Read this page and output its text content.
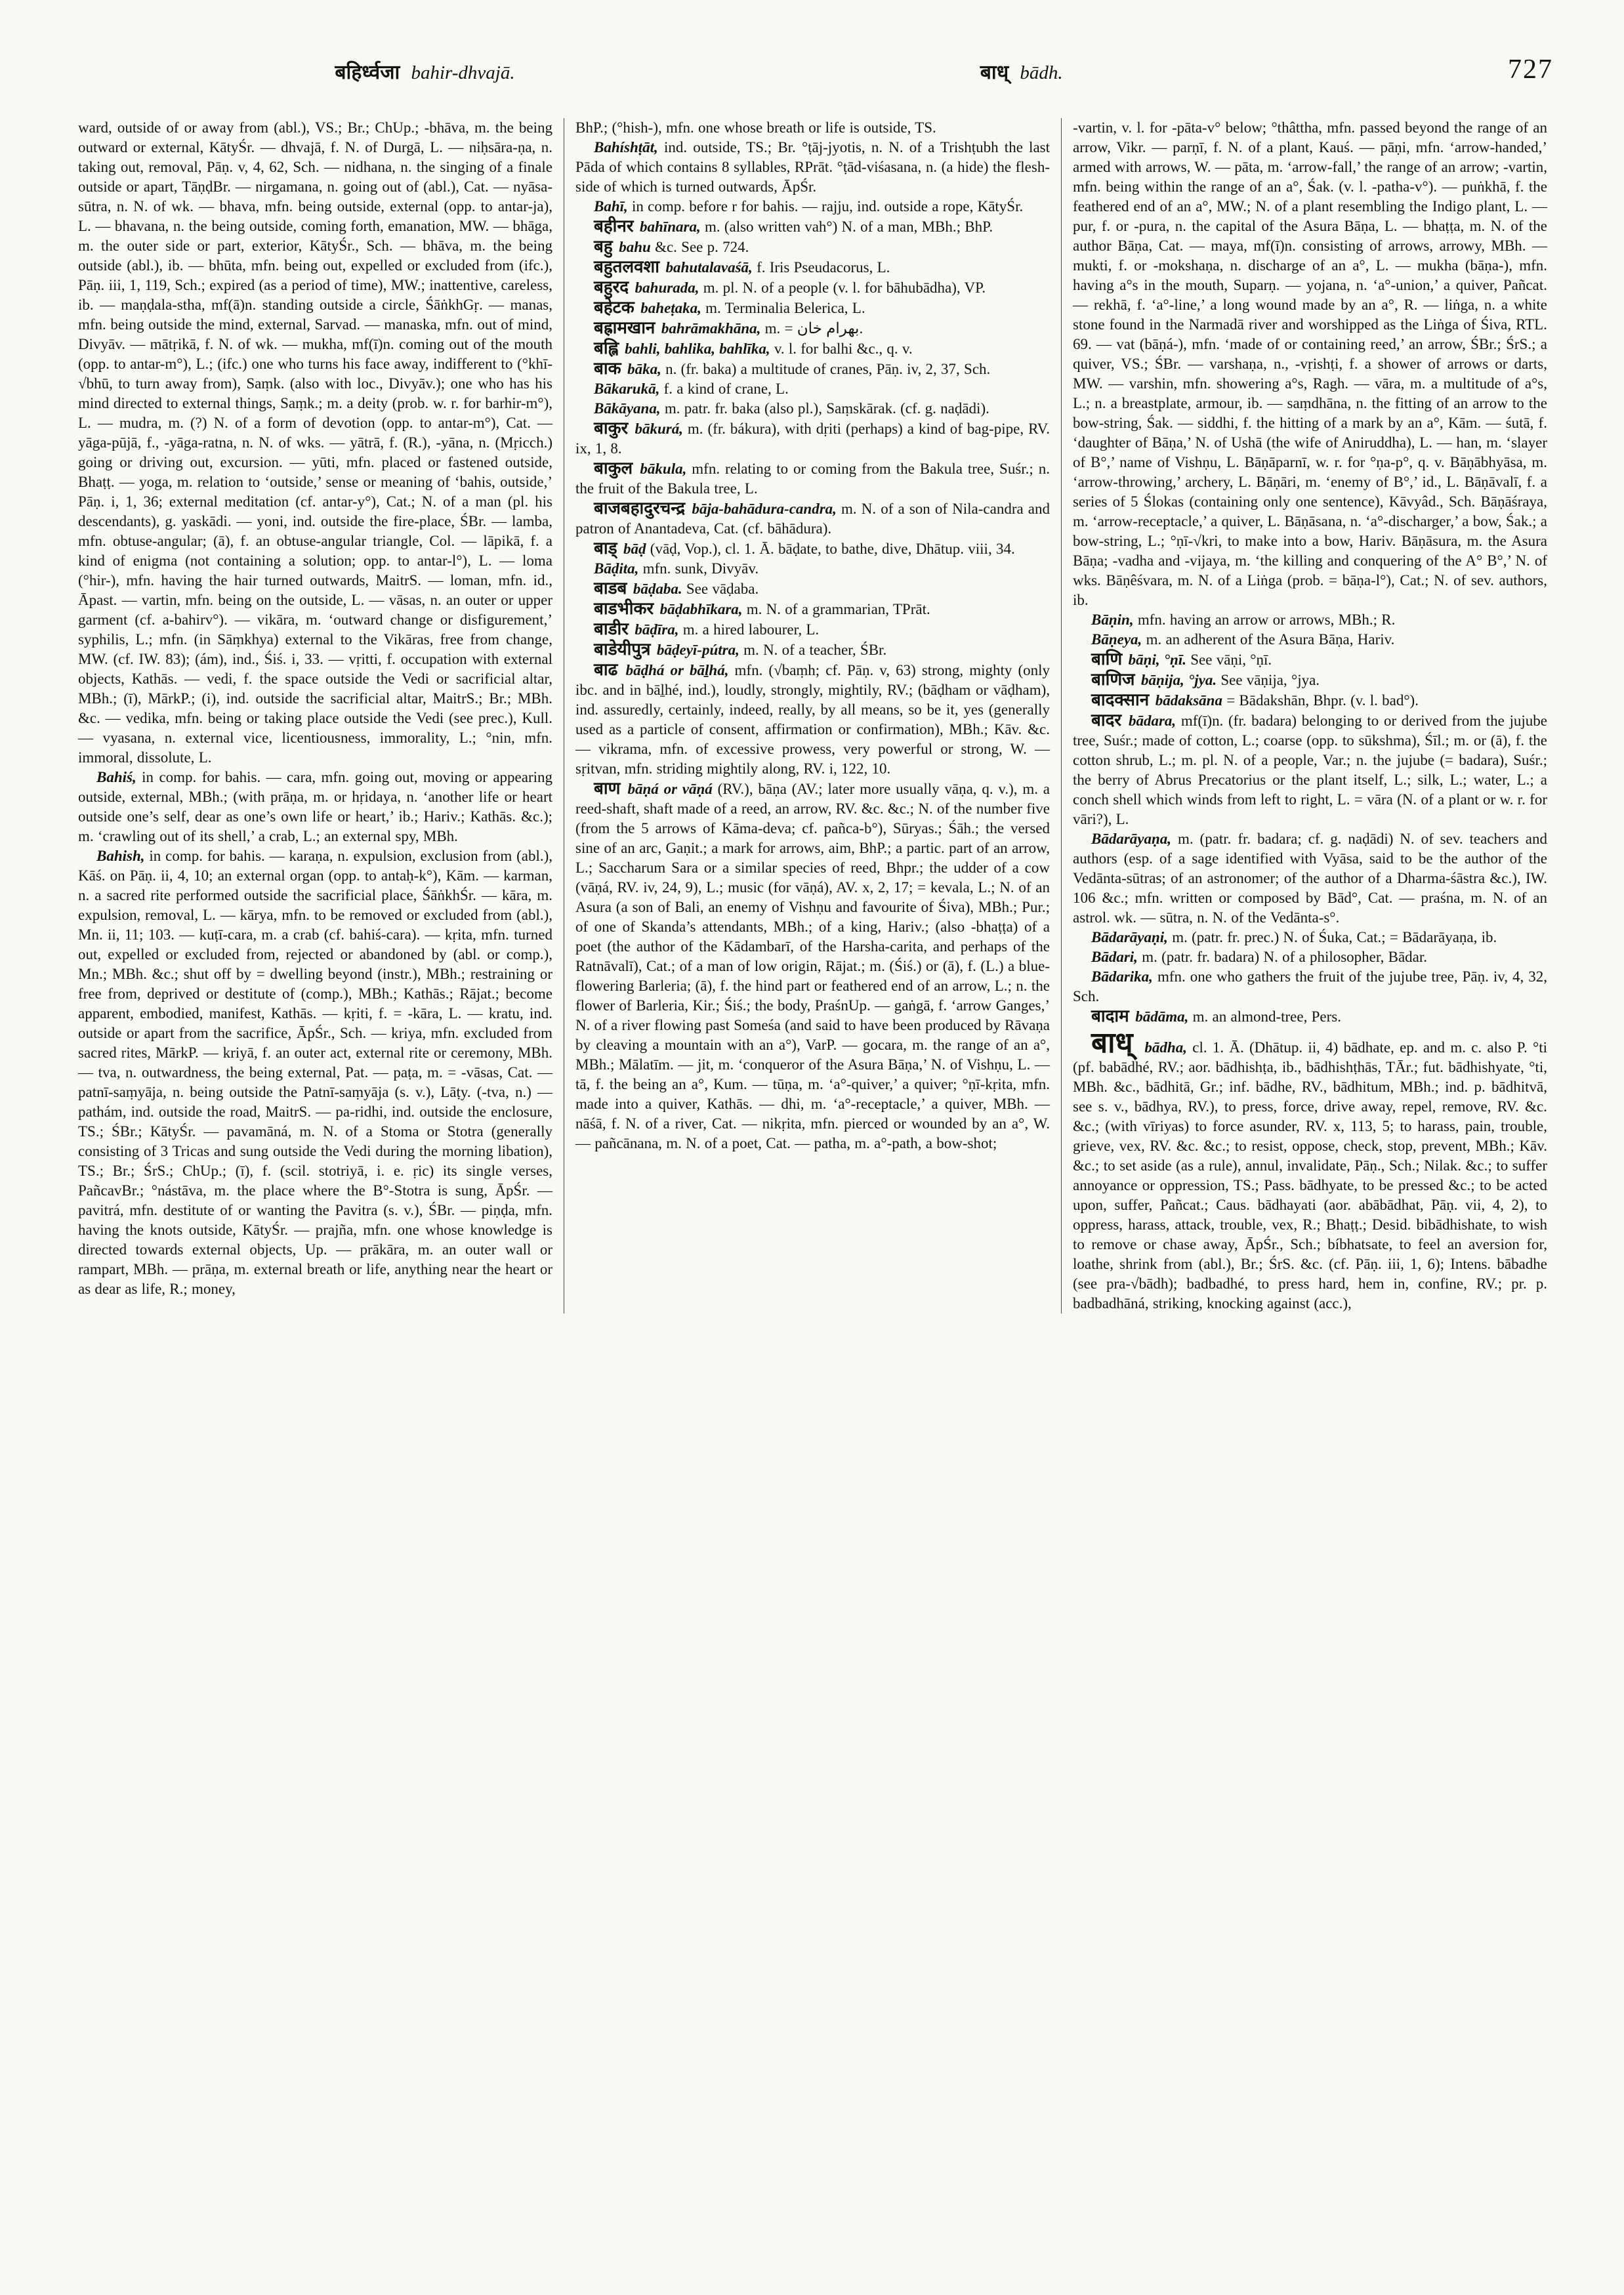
बहिर्ध्वजा bahir-dhvajā.	बाध् bādh.	727

ward, outside of or away from (abl.), VS.; Br.; ChUp.; -bhāva, m. the being outward or external, KātyŚr. — dhvajā, f. N. of Durgā, L. — niḥsāra-ṇa, n. taking out, removal, Pāṇ. v, 4, 62, Sch. — nidhana, n. the singing of a finale outside or apart, TāṇḍBr. — nirgamana, n. going out of (abl.), Cat. — nyāsa-sūtra, n. N. of wk. — bhava, mfn. being outside, external (opp. to antar-ja), L. — bhavana, n. the being outside, coming forth, emanation, MW. — bhāga, m. the outer side or part, exterior, KātyŚr., Sch. — bhāva, m. the being outside (abl.), ib. — bhūta, mfn. being out, expelled or excluded from (ifc.), Pāṇ. iii, 1, 119, Sch.; expired (as a period of time), MW.; inattentive, careless, ib. — maṇḍala-stha, mf(ā)n. standing outside a circle, ŚāṅkhGṛ. — manas, mfn. being outside the mind, external, Sarvad. — manaska, mfn. out of mind, Divyāv. — mātṛikā, f. N. of wk. — mukha, mf(ī)n. coming out of the mouth (opp. to antar-m°), L.; (ifc.) one who turns his face away, indifferent to (°khī-√bhū, to turn away from), Saṃk. (also with loc., Divyāv.); one who has his mind directed to external things, Saṃk.; m. a deity (prob. w. r. for barhir-m°), L. — mudra, m. (?) N. of a form of devotion (opp. to antar-m°), Cat. — yāga-pūjā, f., -yāga-ratna, n. N. of wks. — yātrā, f. (R.), -yāna, n. (Mṛicch.) going or driving out, excursion. — yūti, mfn. placed or fastened outside, Bhaṭṭ. — yoga, m. relation to ‘outside,’ sense or meaning of ‘bahis, outside,’ Pāṇ. i, 1, 36; external meditation (cf. antar-y°), Cat.; N. of a man (pl. his descendants), g. yaskādi. — yoni, ind. outside the fire-place, ŚBr. — lamba, mfn. obtuse-angular; (ā), f. an obtuse-angular triangle, Col. — lāpikā, f. a kind of enigma (not containing a solution; opp. to antar-l°), L. — loma (°hir-), mfn. having the hair turned outwards, MaitrS. — loman, mfn. id., Āpast. — vartin, mfn. being on the outside, L. — vāsas, n. an outer or upper garment (cf. a-bahirv°). — vikāra, m. ‘outward change or disfigurement,’ syphilis, L.; mfn. (in Sāṃkhya) external to the Vikāras, free from change, MW. (cf. IW. 83); (ám), ind., Śiś. i, 33. — vṛitti, f. occupation with external objects, Kathās. — vedi, f. the space outside the Vedi or sacrificial altar, MBh.; (ī), MārkP.; (i), ind. outside the sacrificial altar, MaitrS.; Br.; MBh. &c. — vedika, mfn. being or taking place outside the Vedi (see prec.), Kull. — vyasana, n. external vice, licentiousness, immorality, L.; °nin, mfn. immoral, dissolute, L.

Bahiś, in comp. for bahis. — cara, mfn. going out, moving or appearing outside, external, MBh.; (with prāṇa, m. or hṛidaya, n. ‘another life or heart outside one’s self, dear as one’s own life or heart,’ ib.; Hariv.; Kathās. &c.); m. ‘crawling out of its shell,’ a crab, L.; an external spy, MBh.

Bahish, in comp. for bahis. — karaṇa, n. expulsion, exclusion from (abl.), Kāś. on Pāṇ. ii, 4, 10; an external organ (opp. to antaḥ-k°), Kām. — karman, n. a sacred rite performed outside the sacrificial place, ŚāṅkhŚr. — kāra, m. expulsion, removal, L. — kārya, mfn. to be removed or excluded from (abl.), Mn. ii, 11; 103. — kuṭī-cara, m. a crab (cf. bahiś-cara). — kṛita, mfn. turned out, expelled or excluded from, rejected or abandoned by (abl. or comp.), Mn.; MBh. &c.; shut off by = dwelling beyond (instr.), MBh.; restraining or free from, deprived or destitute of (comp.), MBh.; Kathās.; Rājat.; become apparent, embodied, manifest, Kathās. — kṛiti, f. = -kāra, L. — kratu, ind. outside or apart from the sacrifice, ĀpŚr., Sch. — kriya, mfn. excluded from sacred rites, MārkP. — kriyā, f. an outer act, external rite or ceremony, MBh. — tva, n. outwardness, the being external, Pat. — paṭa, m. = -vāsas, Cat. — patnī-saṃyāja, n. being outside the Patnī-saṃyāja (s. v.), Lāṭy. (-tva, n.) — pathám, ind. outside the road, MaitrS. — pa-ridhi, ind. outside the enclosure, TS.; ŚBr.; KātyŚr. — pavamāná, m. N. of a Stoma or Stotra (generally consisting of 3 Tricas and sung outside the Vedi during the morning libation), TS.; Br.; ŚrS.; ChUp.; (ī), f. (scil. stotriyā, i. e. ṛic) its single verses, PañcavBr.; °nástāva, m. the place where the B°-Stotra is sung, ĀpŚr. — pavitrá, mfn. destitute of or wanting the Pavitra (s. v.), ŚBr. — piṇḍa, mfn. having the knots outside, KātyŚr. — prajña, mfn. one whose knowledge is directed towards external objects, Up. — prākāra, m. an outer wall or rampart, MBh. — prāṇa, m. external breath or life, anything near the heart or as dear as life, R.; money,

BhP.; (°hish-), mfn. one whose breath or life is outside, TS.

Bahíshṭāt, ind. outside, TS.; Br. °ṭāj-jyotis, n. N. of a Trishṭubh the last Pāda of which contains 8 syllables, RPrāt. °ṭād-viśasana, n. (a hide) the flesh-side of which is turned outwards, ĀpŚr.

Bahī, in comp. before r for bahis. — rajju, ind. outside a rope, KātyŚr.

बहीनर bahīnara, m. (also written vah°) N. of a man, MBh.; BhP.

बहु bahu &c. See p. 724.

बहुतलवशा bahutalavaśā, f. Iris Pseudacorus, L.

बहुरद bahurada, m. pl. N. of a people (v. l. for bāhubādha), VP.

बहेटक baheṭaka, m. Terminalia Belerica, L.

बह्रामखान bahrāmakhāna, m. = بهرام خان.

बह्लि bahli, bahlika, bahlīka, v. l. for balhi &c., q. v.

बाक bāka, n. (fr. baka) a multitude of cranes, Pāṇ. iv, 2, 37, Sch.

Bākarukā, f. a kind of crane, L.

Bākāyana, m. patr. fr. baka (also pl.), Saṃskārak. (cf. g. naḍādi).

बाकुर bākurá, m. (fr. bákura), with dṛiti (perhaps) a kind of bag-pipe, RV. ix, 1, 8.

बाकुल bākula, mfn. relating to or coming from the Bakula tree, Suśr.; n. the fruit of the Bakula tree, L.

बाजबहादुरचन्द्र bāja-bahādura-candra, m. N. of a son of Nila-candra and patron of Anantadeva, Cat. (cf. bāhādura).

बाड् bāḍ (vāḍ, Vop.), cl. 1. Ā. bāḍate, to bathe, dive, Dhātup. viii, 34.

Bāḍita, mfn. sunk, Divyāv.

बाडब bāḍaba. See vāḍaba.

बाडभीकर bāḍabhīkara, m. N. of a grammarian, TPrāt.

बाडीर bāḍīra, m. a hired labourer, L.

बाडेयीपुत्र bāḍeyī-pútra, m. N. of a teacher, ŚBr.

बाढ bāḍhá or bāḻhá, mfn. (√baṃh; cf. Pāṇ. v, 63) strong, mighty (only ibc. and in bāḻhé, ind.), loudly, strongly, mightily, RV.; (bāḍham or vāḍham), ind. assuredly, certainly, indeed, really, by all means, so be it, yes (generally used as a particle of consent, affirmation or confirmation), MBh.; Kāv. &c. — vikrama, mfn. of excessive prowess, very powerful or strong, W. — sṛitvan, mfn. striding mightily along, RV. i, 122, 10.

बाण bāṇá or vāṇá (RV.), bāṇa (AV.; later more usually vāṇa, q. v.), m. a reed-shaft, shaft made of a reed, an arrow, RV. &c. &c.; N. of the number five (from the 5 arrows of Kāma-deva; cf. pañca-b°), Sūryas.; Śāh.; the versed sine of an arc, Gaṇit.; a mark for arrows, aim, BhP.; a partic. part of an arrow, L.; Saccharum Sara or a similar species of reed, Bhpr.; the udder of a cow (vāṇá, RV. iv, 24, 9), L.; music (for vāṇá), AV. x, 2, 17; = kevala, L.; N. of an Asura (a son of Bali, an enemy of Vishṇu and favourite of Śiva), MBh.; Pur.; of one of Skanda’s attendants, MBh.; of a king, Hariv.; (also -bhaṭṭa) of a poet (the author of the Kādambarī, of the Harsha-carita, and perhaps of the Ratnāvalī), Cat.; of a man of low origin, Rājat.; m. (Śiś.) or (ā), f. (L.) a blue-flowering Barleria; (ā), f. the hind part or feathered end of an arrow, L.; n. the flower of Barleria, Kir.; Śiś.; the body, PraśnUp. — gaṅgā, f. ‘arrow Ganges,’ N. of a river flowing past Someśa (and said to have been produced by Rāvaṇa by cleaving a mountain with an a°), VarP. — gocara, m. the range of an a°, MBh.; Mālatīm. — jit, m. ‘conqueror of the Asura Bāṇa,’ N. of Vishṇu, L. — tā, f. the being an a°, Kum. — tūṇa, m. ‘a°-quiver,’ a quiver; °ṇī-kṛita, mfn. made into a quiver, Kathās. — dhi, m. ‘a°-receptacle,’ a quiver, MBh. — nāśā, f. N. of a river, Cat. — nikṛita, mfn. pierced or wounded by an a°, W. — pañcānana, m. N. of a poet, Cat. — patha, m. a°-path, a bow-shot;

-vartin, v. l. for -pāta-v° below; °thâttha, mfn. passed beyond the range of an arrow, Vikr. — parṇī, f. N. of a plant, Kauś. — pāṇi, mfn. ‘arrow-handed,’ armed with arrows, W. — pāta, m. ‘arrow-fall,’ the range of an arrow; -vartin, mfn. being within the range of an a°, Śak. (v. l. -patha-v°). — puṅkhā, f. the feathered end of an a°, MW.; N. of a plant resembling the Indigo plant, L. — pur, f. or -pura, n. the capital of the Asura Bāṇa, L. — bhaṭṭa, m. N. of the author Bāṇa, Cat. — maya, mf(ī)n. consisting of arrows, arrowy, MBh. — mukti, f. or -mokshaṇa, n. discharge of an a°, L. — mukha (bāṇa-), mfn. having a°s in the mouth, Suparṇ. — yojana, n. ‘a°-union,’ a quiver, Pañcat. — rekhā, f. ‘a°-line,’ a long wound made by an a°, R. — liṅga, n. a white stone found in the Narmadā river and worshipped as the Liṅga of Śiva, RTL. 69. — vat (bāṇá-), mfn. ‘made of or containing reed,’ an arrow, ŚBr.; ŚrS.; a quiver, VS.; ŚBr. — varshaṇa, n., -vṛishṭi, f. a shower of arrows or darts, MW. — varshin, mfn. showering a°s, Ragh. — vāra, m. a multitude of a°s, L.; n. a breastplate, armour, ib. — saṃdhāna, n. the fitting of an arrow to the bow-string, Śak. — siddhi, f. the hitting of a mark by an a°, Kām. — śutā, f. ‘daughter of Bāṇa,’ N. of Ushā (the wife of Aniruddha), L. — han, m. ‘slayer of B°,’ name of Vishṇu, L. Bāṇāparnī, w. r. for °ṇa-p°, q. v. Bāṇābhyāsa, m. ‘arrow-throwing,’ archery, L. Bāṇāri, m. ‘enemy of B°,’ id., L. Bāṇāvalī, f. a series of 5 Ślokas (containing only one sentence), Kāvyâd., Sch. Bāṇāśraya, m. ‘arrow-receptacle,’ a quiver, L. Bāṇāsana, n. ‘a°-discharger,’ a bow, Śak.; a bow-string, L.; °ṇī-√kri, to make into a bow, Hariv. Bāṇāsura, m. the Asura Bāṇa; -vadha and -vijaya, m. ‘the killing and conquering of the A° B°,’ N. of wks. Bāṇêśvara, m. N. of a Liṅga (prob. = bāṇa-l°), Cat.; N. of sev. authors, ib.

Bāṇin, mfn. having an arrow or arrows, MBh.; R.

Bāṇeya, m. an adherent of the Asura Bāṇa, Hariv.

बाणि bāṇi, °ṇī. See vāṇi, °ṇī.

बाणिज bāṇija, °jya. See vāṇija, °jya.

बादक्सान bādaksāna = Bādakshān, Bhpr. (v. l. bad°).

बादर bādara, mf(ī)n. (fr. badara) belonging to or derived from the jujube tree, Suśr.; made of cotton, L.; coarse (opp. to sūkshma), Śīl.; m. or (ā), f. the cotton shrub, L.; m. pl. N. of a people, Var.; n. the jujube (= badara), Suśr.; the berry of Abrus Precatorius or the plant itself, L.; silk, L.; water, L.; a conch shell which winds from left to right, L. = vāra (N. of a plant or w. r. for vāri?), L.

Bādarāyaṇa, m. (patr. fr. badara; cf. g. naḍādi) N. of sev. teachers and authors (esp. of a sage identified with Vyāsa, said to be the author of the Vedānta-sūtras; of an astronomer; of the author of a Dharma-śāstra &c.), IW. 106 &c.; mfn. written or composed by Bād°, Cat. — praśna, m. N. of an astrol. wk. — sūtra, n. N. of the Vedānta-s°.

Bādarāyaṇi, m. (patr. fr. prec.) N. of Śuka, Cat.; = Bādarāyaṇa, ib.

Bādari, m. (patr. fr. badara) N. of a philosopher, Bādar.

Bādarika, mfn. one who gathers the fruit of the jujube tree, Pāṇ. iv, 4, 32, Sch.

बादाम bādāma, m. an almond-tree, Pers.

बाध् bādha, cl. 1. Ā. (Dhātup. ii, 4) bādhate, ep. and m. c. also P. °ti (pf. babādhé, RV.; aor. bādhishṭa, ib., bādhishṭhās, TĀr.; fut. bādhishyate, °ti, MBh. &c., bādhitā, Gr.; inf. bādhe, RV., bādhitum, MBh.; ind. p. bādhitvā, see s. v., bādhya, RV.), to press, force, drive away, repel, remove, RV. &c. &c.; (with vīriyas) to force asunder, RV. x, 113, 5; to harass, pain, trouble, grieve, vex, RV. &c. &c.; to resist, oppose, check, stop, prevent, MBh.; Kāv. &c.; to set aside (as a rule), annul, invalidate, Pāṇ., Sch.; Nilak. &c.; to suffer annoyance or oppression, TS.; Pass. bādhyate, to be pressed &c.; to be acted upon, suffer, Pañcat.; Caus. bādhayati (aor. abābādhat, Pāṇ. vii, 4, 2), to oppress, harass, attack, trouble, vex, R.; Bhaṭṭ.; Desid. bibādhishate, to wish to remove or chase away, ĀpŚr., Sch.; bíbhatsate, to feel an aversion for, loathe, shrink from (abl.), Br.; ŚrS. &c. (cf. Pāṇ. iii, 1, 6); Intens. bābadhe (see pra-√bādh); badbadhé, to press hard, hem in, confine, RV.; pr. p. badbadhāná, striking, knocking against (acc.),
